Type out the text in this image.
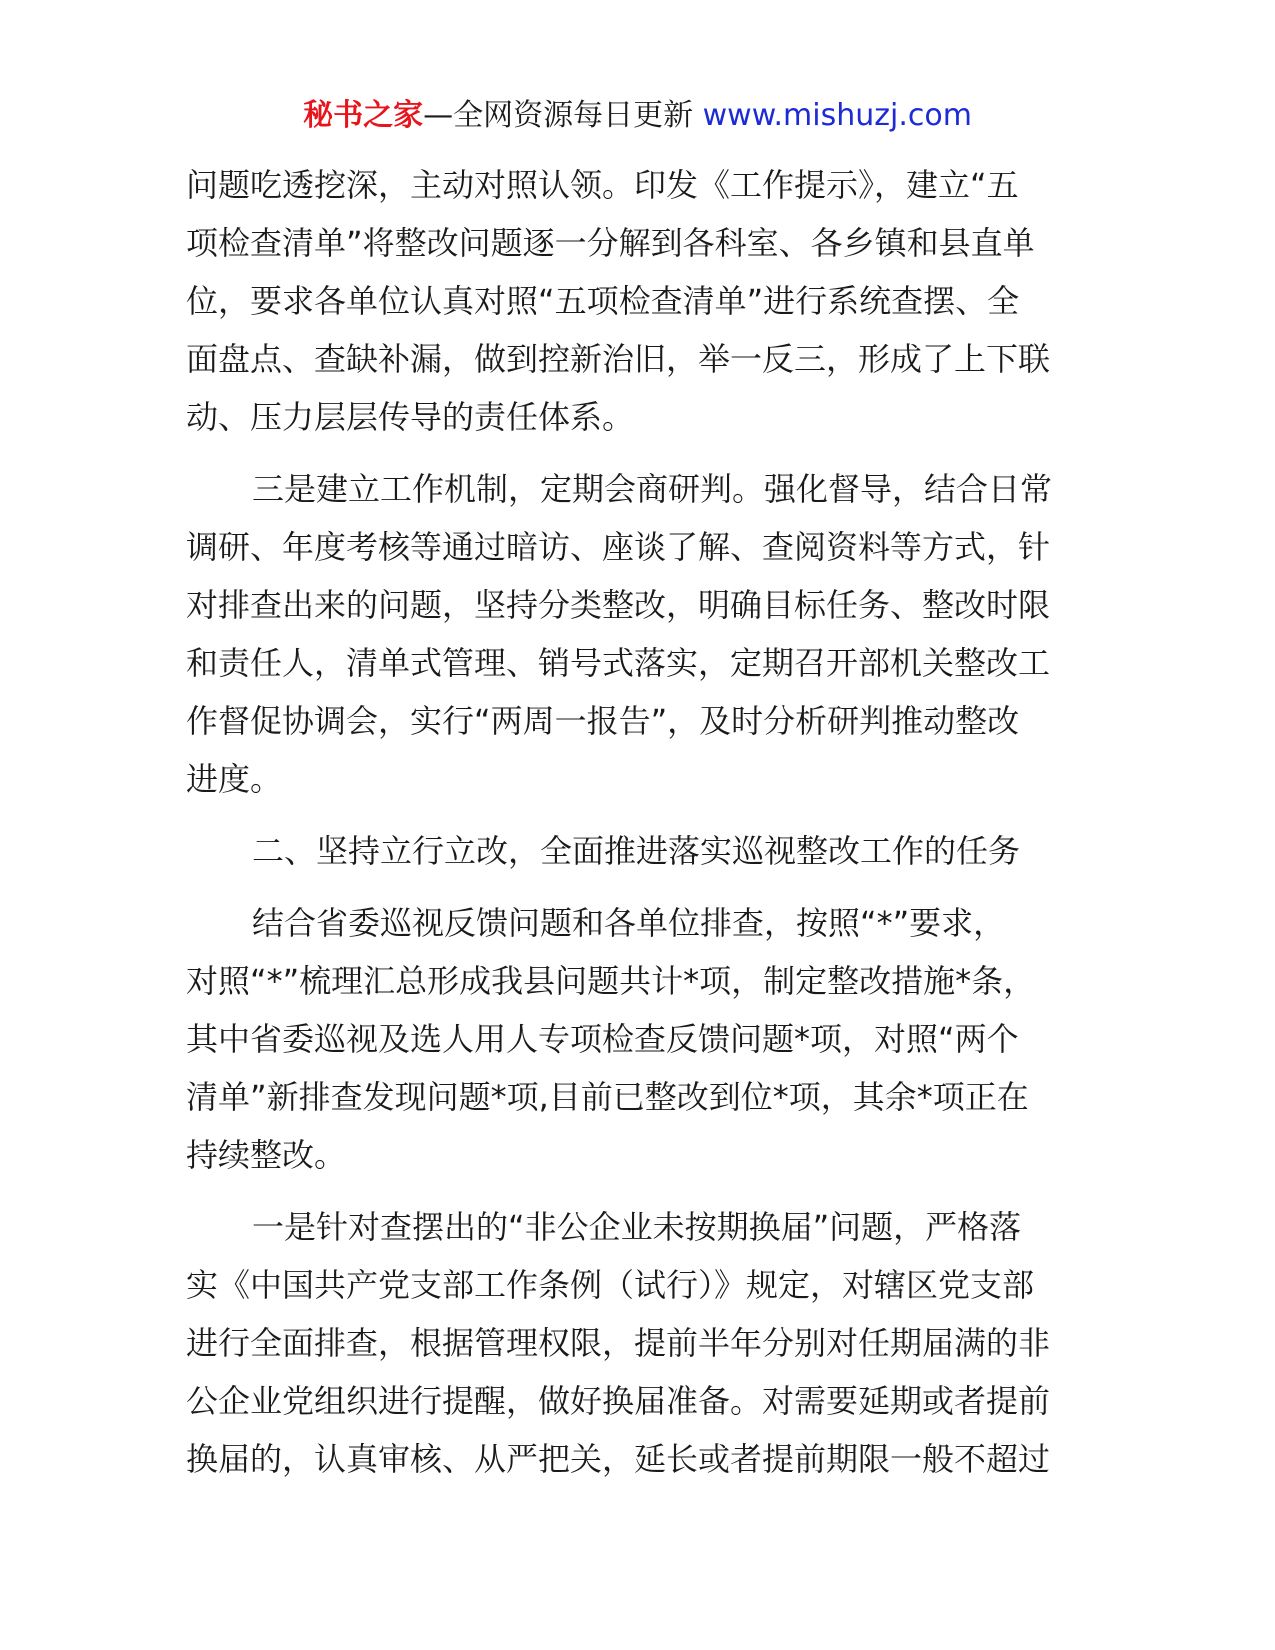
秘书之家—全网资源每日更新 www.mishuzj.com
问题吃透挖深，主动对照认领。印发《工作提示》，建立“五
项检查清单”将整改问题逐一分解到各科室、各乡镇和县直单
位，要求各单位认真对照“五项检查清单”进行系统查摆、全
面盘点、查缺补漏，做到控新治旧，举一反三，形成了上下联
动、压力层层传导的责任体系。
三是建立工作机制，定期会商研判。强化督导，结合日常
调研、年度考核等通过暗访、座谈了解、查阅资料等方式，针
对排查出来的问题，坚持分类整改，明确目标任务、整改时限
和责任人，清单式管理、销号式落实，定期召开部机关整改工
作督促协调会，实行“两周一报告”，及时分析研判推动整改
进度。
二、坚持立行立改，全面推进落实巡视整改工作的任务
结合省委巡视反馈问题和各单位排查，按照“*”要求，
对照“*”梳理汇总形成我县问题共计*项，制定整改措施*条，
其中省委巡视及选人用人专项检查反馈问题*项，对照“两个
清单”新排查发现问题*项,目前已整改到位*项，其余*项正在
持续整改。
一是针对查摆出的“非公企业未按期换届”问题，严格落
实《中国共产党支部工作条例（试行）》规定，对辖区党支部
进行全面排查，根据管理权限，提前半年分别对任期届满的非
公企业党组织进行提醒，做好换届准备。对需要延期或者提前
换届的，认真审核、从严把关，延长或者提前期限一般不超过
